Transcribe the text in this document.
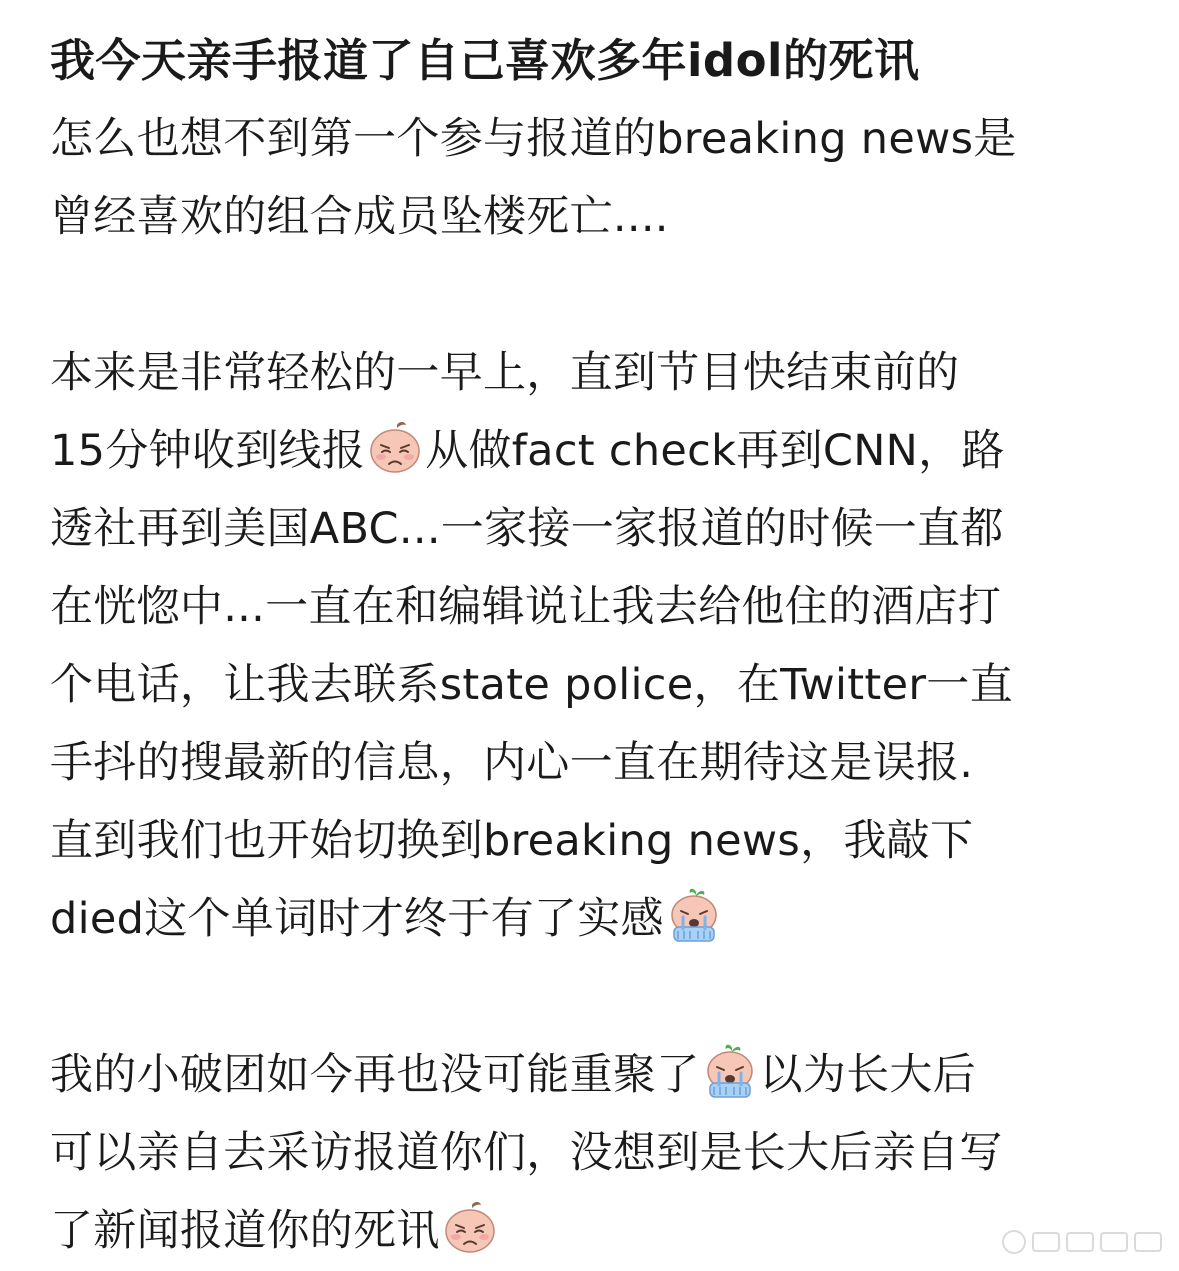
我今天亲手报道了自己喜欢多年idol的死讯
怎么也想不到第一个参与报道的breaking news是
曾经喜欢的组合成员坠楼死亡....
本来是非常轻松的一早上，直到节目快结束前的
15分钟收到线报 从做fact check再到CNN，路
透社再到美国ABC...一家接一家报道的时候一直都
在恍惚中...一直在和编辑说让我去给他住的酒店打
个电话，让我去联系state police，在Twitter一直
手抖的搜最新的信息，内心一直在期待这是误报.
直到我们也开始切换到breaking news，我敲下
died这个单词时才终于有了实感
我的小破团如今再也没可能重聚了 以为长大后
可以亲自去采访报道你们，没想到是长大后亲自写
了新闻报道你的死讯
